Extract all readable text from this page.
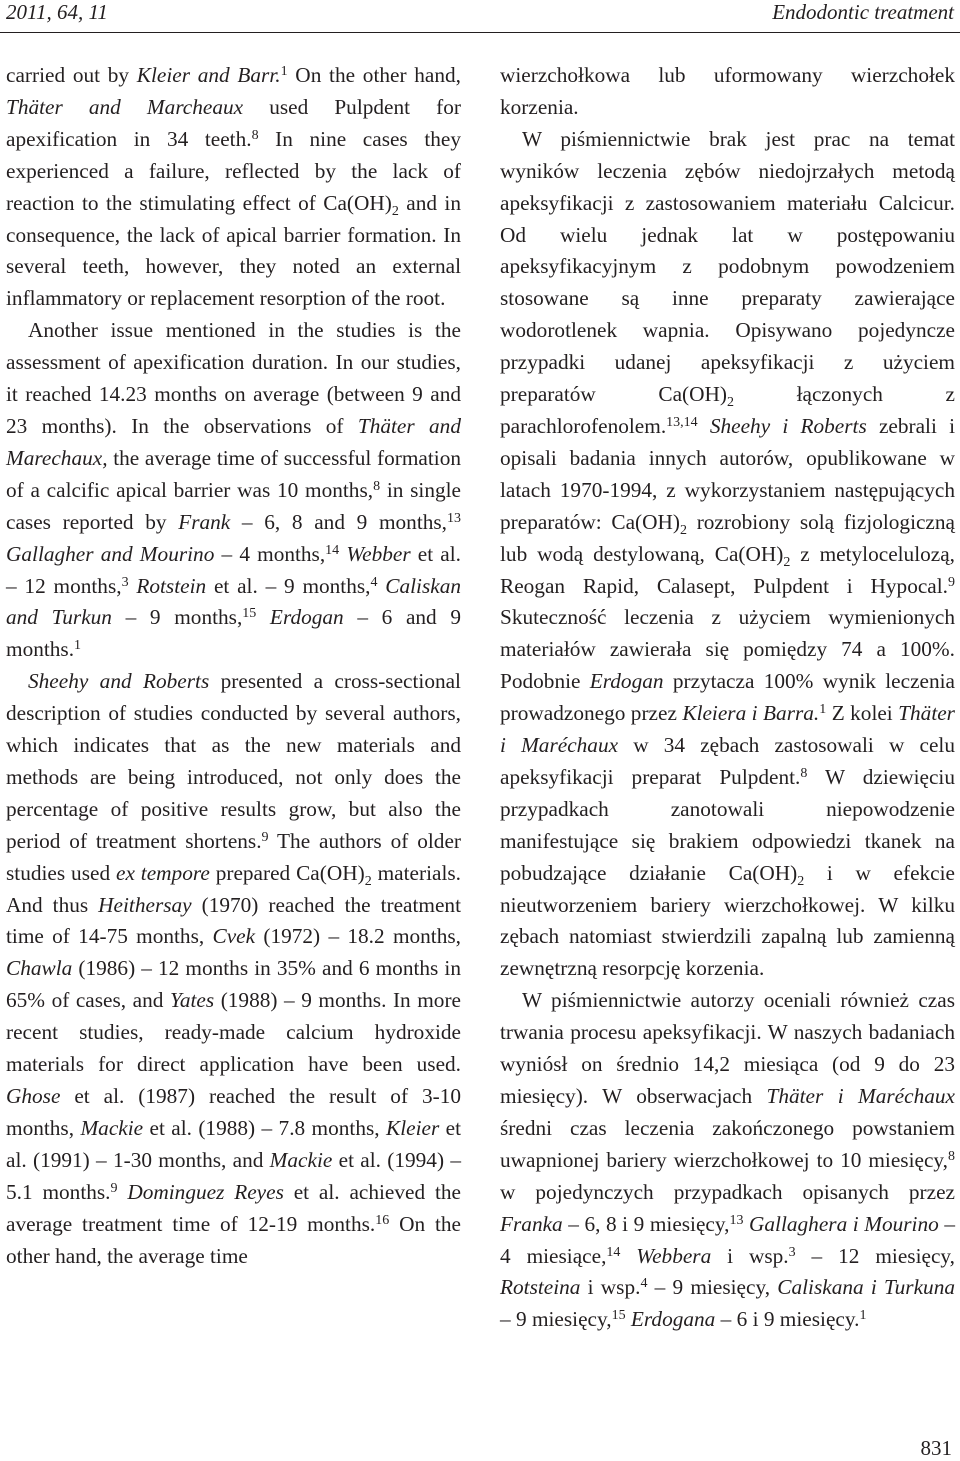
2011, 64, 11	Endodontic treatment

carried out by Kleier and Barr.$^1$ On the other hand, Thäter and Marcheaux used Pulpdent for apexification in 34 teeth.$^8$ In nine cases they experienced a failure, reflected by the lack of reaction to the stimulating effect of $Ca(OH)_2$ and in consequence, the lack of apical barrier formation. In several teeth, however, they noted an external inflammatory or replacement resorption of the root.

Another issue mentioned in the studies is the assessment of apexification duration. In our studies, it reached 14.23 months on average (between 9 and 23 months). In the observations of Thäter and Marechaux, the average time of successful formation of a calcific apical barrier was 10 months,$^8$ in single cases reported by Frank – 6, 8 and 9 months,$^{13}$ Gallagher and Mourino – 4 months,$^{14}$ Webber et al. – 12 months,$^3$ Rotstein et al. – 9 months,$^4$ Caliskan and Turkun – 9 months,$^{15}$ Erdogan – 6 and 9 months.$^1$

Sheehy and Roberts presented a cross-sectional description of studies conducted by several authors, which indicates that as the new materials and methods are being introduced, not only does the percentage of positive results grow, but also the period of treatment shortens.$^9$ The authors of older studies used ex tempore prepared $Ca(OH)_2$ materials. And thus Heithersay (1970) reached the treatment time of 14-75 months, Cvek (1972) – 18.2 months, Chawla (1986) – 12 months in 35% and 6 months in 65% of cases, and Yates (1988) – 9 months. In more recent studies, ready-made calcium hydroxide materials for direct application have been used. Ghose et al. (1987) reached the result of 3-10 months, Mackie et al. (1988) – 7.8 months, Kleier et al. (1991) – 1-30 months, and Mackie et al. (1994) – 5.1 months.$^9$ Dominguez Reyes et al. achieved the average treatment time of 12-19 months.$^{16}$ On the other hand, the average time

wierzchołkowa lub uformowany wierzchołek korzenia.

W piśmiennictwie brak jest prac na temat wyników leczenia zębów niedojrzałych metodą apeksyfikacji z zastosowaniem materiału Calcicur. Od wielu jednak lat w postępowaniu apeksyfikacyjnym z podobnym powodzeniem stosowane są inne preparaty zawierające wodorotlenek wapnia. Opisywano pojedyncze przypadki udanej apeksyfikacji z użyciem preparatów $Ca(OH)_2$ łączonych z parachlorofenolem.$^{13,14}$ Sheehy i Roberts zebrali i opisali badania innych autorów, opublikowane w latach 1970-1994, z wykorzystaniem następujących preparatów: $Ca(OH)_2$ rozrobiony solą fizjologiczną lub wodą destylowaną, $Ca(OH)_2$ z metylocelulozą, Reogan Rapid, Calasept, Pulpdent i Hypocal.$^9$ Skuteczność leczenia z użyciem wymienionych materiałów zawierała się pomiędzy 74 a 100%. Podobnie Erdogan przytacza 100% wynik leczenia prowadzonego przez Kleiera i Barra.$^1$ Z kolei Thäter i Maréchaux w 34 zębach zastosowali w celu apeksyfikacji preparat Pulpdent.$^8$ W dziewięciu przypadkach zanotowali niepowodzenie manifestujące się brakiem odpowiedzi tkanek na pobudzające działanie $Ca(OH)_2$ i w efekcie nieutworzeniem bariery wierzchołkowej. W kilku zębach natomiast stwierdzili zapalną lub zamienną zewnętrzną resorpcję korzenia.

W piśmiennictwie autorzy oceniali również czas trwania procesu apeksyfikacji. W naszych badaniach wyniósł on średnio 14,2 miesiąca (od 9 do 23 miesięcy). W obserwacjach Thäter i Maréchaux średni czas leczenia zakończonego powstaniem uwapnionej bariery wierzchołkowej to 10 miesięcy,$^8$ w pojedynczych przypadkach opisanych przez Franka – 6, 8 i 9 miesięcy,$^{13}$ Gallaghera i Mourino – 4 miesiące,$^{14}$ Webbera i wsp.$^3$ – 12 miesięcy, Rotsteina i wsp.$^4$ – 9 miesięcy, Caliskana i Turkuna – 9 miesięcy,$^{15}$ Erdogana – 6 i 9 miesięcy.$^1$

831
